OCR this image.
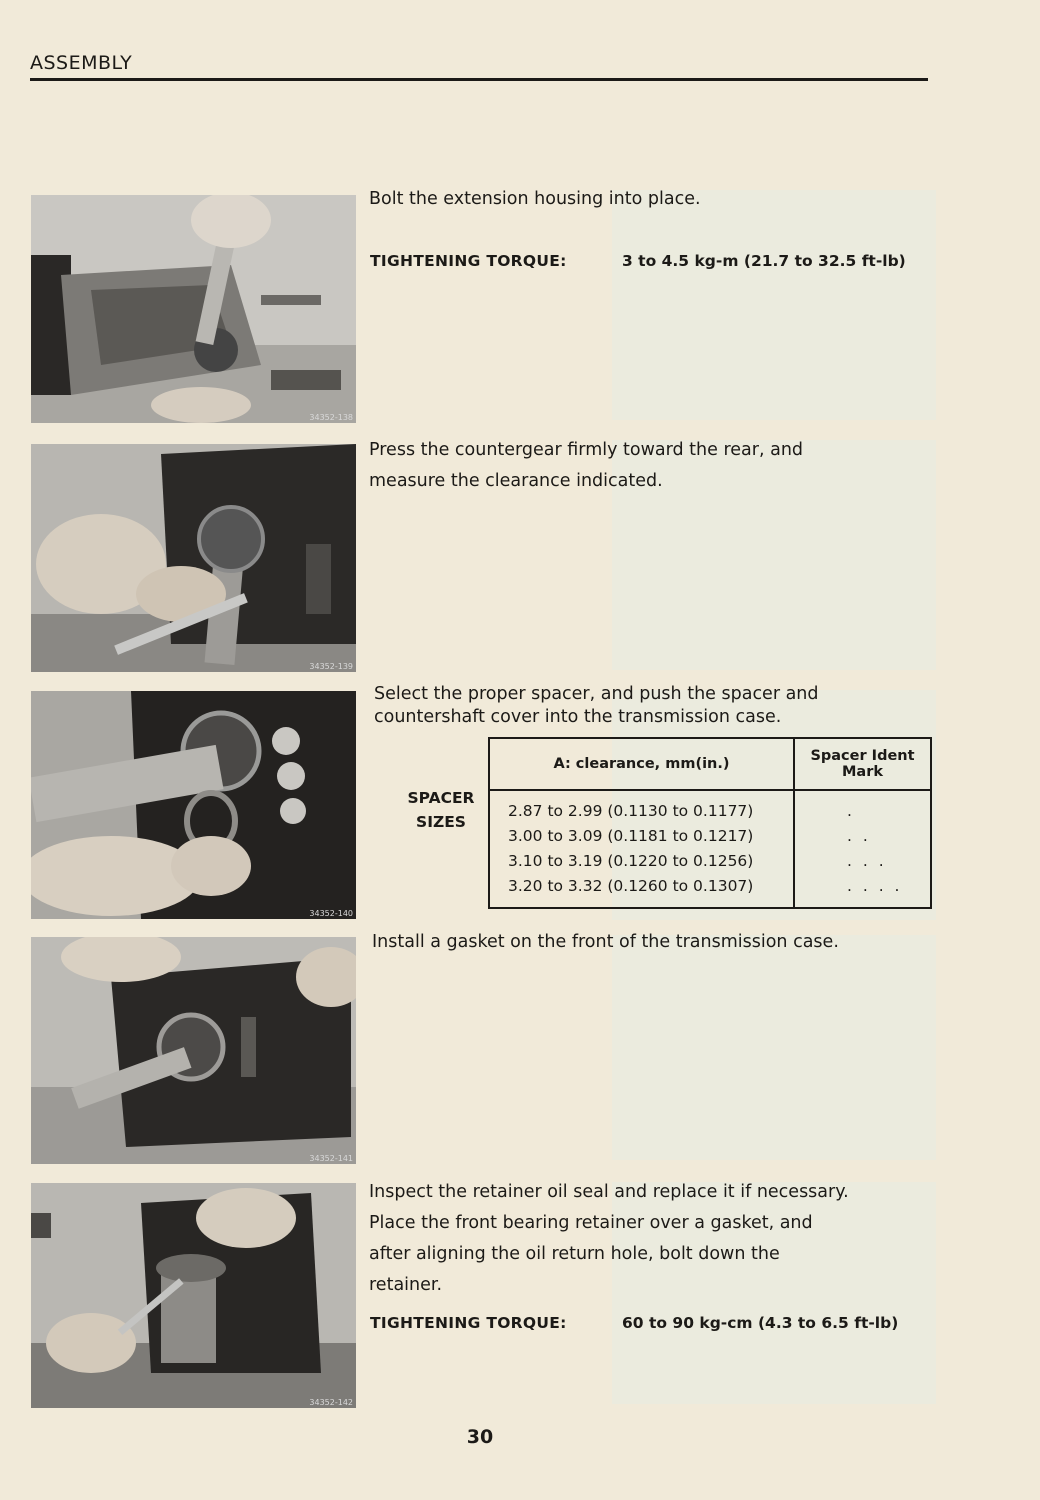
ASSEMBLY
34352-138
Bolt the extension housing into place.
TIGHTENING TORQUE:	3 to 4.5 kg-m (21.7 to 32.5 ft-lb)
34352-139
Press the countergear firmly toward the rear, and
measure the clearance indicated.
34352-140
Select the proper spacer, and push the spacer and
countershaft cover into the transmission case.
SPACER
SIZES
A: clearance, mm(in.)	Spacer Ident
Mark

2.87 to 2.99 (0.1130 to 0.1177)	.
3.00 to 3.09 (0.1181 to 0.1217)	. .
3.10 to 3.19 (0.1220 to 0.1256)	. . .
3.20 to 3.32 (0.1260 to 0.1307)	. . . .
34352-141
Install a gasket on the front of the transmission case.
34352-142
Inspect the retainer oil seal and replace it if necessary.
Place the front bearing retainer over a gasket, and
after aligning the oil return hole, bolt down the
retainer.
TIGHTENING TORQUE:	60 to 90 kg-cm (4.3 to 6.5 ft-lb)
30
